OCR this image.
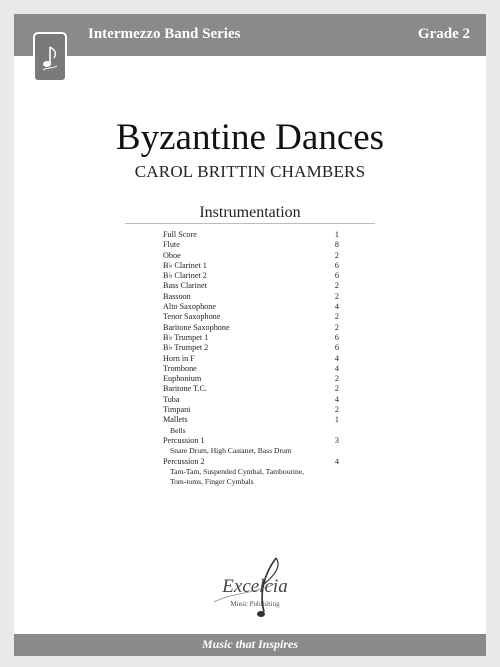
Intermezzo Band Series	Grade 2
Byzantine Dances
CAROL BRITTIN CHAMBERS
Instrumentation
Full Score	1
Flute	8
Oboe	2
B♭ Clarinet 1	6
B♭ Clarinet 2	6
Bass Clarinet	2
Bassoon	2
Alto Saxophone	4
Tenor Saxophone	2
Baritone Saxophone	2
B♭ Trumpet 1	6
B♭ Trumpet 2	6
Horn in F	4
Trombone	4
Euphonium	2
Baritone T.C.	2
Tuba	4
Timpani	2
Mallets	1
Bells
Percussion 1	3
Snare Drum, High Castanet, Bass Drum
Percussion 2	4
Tam-Tam, Suspended Cymbal, Tambourine,
Tom-toms, Finger Cymbals
Excelcia
Music Publishing
Music that Inspires
